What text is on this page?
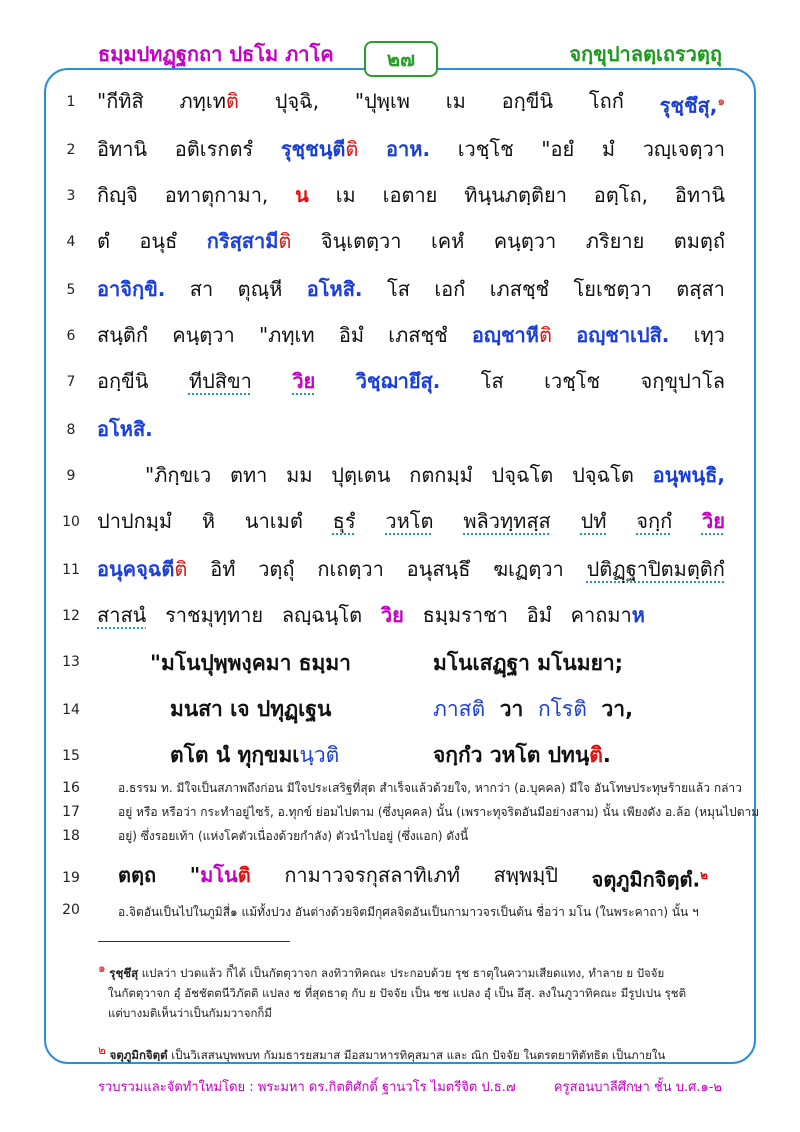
ธมฺมปทฏฺฐกถา ปธโม ภาโค	๒๗	จกฺขุปาลตฺเถรวตฺถุ
1
2
3
4
5
6
7
8
9
10
11
12
13
14
15
16
17
18
19
20
"กีทิสิ ภทฺเทติ ปุจฺฉิ, "ปุพฺเพ เม อกฺขีนิ โถกํ รุชฺชึสุ,$^๑$
อิทานิ อติเรกตรํ รุชฺชนฺตีติ อาห. เวชฺโช "อยํ มํ วญฺเจตฺวา
กิญฺจิ อทาตุกามา, น เม เอตาย ทินฺนภตฺติยา อตฺโถ, อิทานิ
ตํ อนุธํ กริสฺสามีติ จินฺเตตฺวา เคหํ คนฺตฺวา ภริยาย ตมตฺถํ
อาจิกฺขิ. สา ตุณฺหี อโหสิ. โส เอกํ เภสชฺชํ โยเชตฺวา ตสฺสา
สนฺติกํ คนฺตฺวา "ภทฺเท อิมํ เภสชฺชํ อญฺชาหีติ อญฺชาเปสิ. เทฺว
อกฺขีนิ ทีปสิขา วิย วิชฺฌายึสุ. โส เวชฺโช จกฺขุปาโล
อโหสิ.
"ภิกฺขเว ตทา มม ปุตฺเตน กตกมฺมํ ปจฺฉโต ปจฺฉโต อนุพนฺธิ,
ปาปกมฺมํ หิ นาเมตํ ธุรํ วหโต พลิวทฺทสฺส ปทํ จกฺกํ วิย
อนุคจฺฉตีติ อิทํ วตฺถุํ กเถตฺวา อนุสนฺธึ ฆเฏตฺวา ปติฏฺฐาปิตมตฺติกํ
สาสนํ ราชมุทฺทาย ลญฺฉนฺโต วิย ธมฺมราชา อิมํ คาถมาห
"มโนปุพฺพงฺคมา ธมฺมา	มโนเสฏฺฐา มโนมยา;
มนสา เจ ปทุฏฺเฐน	ภาสติ วา กโรติ วา,
ตโต นํ ทุกฺขมเนฺวติ	จกฺกํว วหโต ปทนฺติ.
อ.ธรรม ท. มีใจเป็นสภาพถึงก่อน มีใจประเสริฐที่สุด สำเร็จแล้วด้วยใจ, หากว่า (อ.บุคคล) มีใจ อันโทษประทุษร้ายแล้ว กล่าว
อยู่ หรือ หรือว่า กระทำอยู่ไซร้, อ.ทุกข์ ย่อมไปตาม (ซึ่งบุคคล) นั้น (เพราะทุจริตอันมีอย่างสาม) นั้น เพียงดัง อ.ล้อ (หมุนไปตาม
อยู่) ซึ่งรอยเท้า (แห่งโคตัวเนื่องด้วยกำลัง) ตัวนำไปอยู่ (ซึ่งแอก) ดังนี้
ตตฺถ "มโนติ กามาวจรกุสลาทิเภทํ สพฺพมฺปิ จตุภูมิกจิตฺตํ.$^๒$
อ.จิตอันเป็นไปในภูมิสี่๑ แม้ทั้งปวง อันต่างด้วยจิตมีกุศลจิตอันเป็นกามาวจรเป็นต้น ชื่อว่า มโน (ในพระคาถา) นั้น ฯ

$^๑$ รุชฺชึสุ แปลว่า ปวดแล้ว กิ็ได้ เป็นกัตตุวาจก ลงทิวาทิคณะ ประกอบด้วย รุช ธาตุในความเสียดแทง, ทำลาย ย ปัจจัย

ในกัตตุวาจก อุํ อัชชัตตนีวิภัตติ แปลง ช ที่สุดธาตุ กับ ย ปัจจัย เป็น ชช แปลง อุํ เป็น อึสุ. ลงในภูวาทิคณะ มีรูปเปน รุชติ

แต่บางมติเห็นว่าเป็นกัมมวาจกก็มี

$^๒$ จตุภูมิกจิตฺตํ เป็นวิเสสนบุพพบท กัมมธารยสมาส มีอสมาหารทิคุสมาส และ ณิก ปัจจัย ในตรตยาทิตัทธิต เป็นภายใน

รวบรวมและจัดทำใหม่โดย : พระมหา ดร.กิตติศักดิ์ ฐานวโร ไมตรีจิต ป.ธ.๗	ครูสอนบาลีศึกษา ชั้น บ.ศ.๑-๒
